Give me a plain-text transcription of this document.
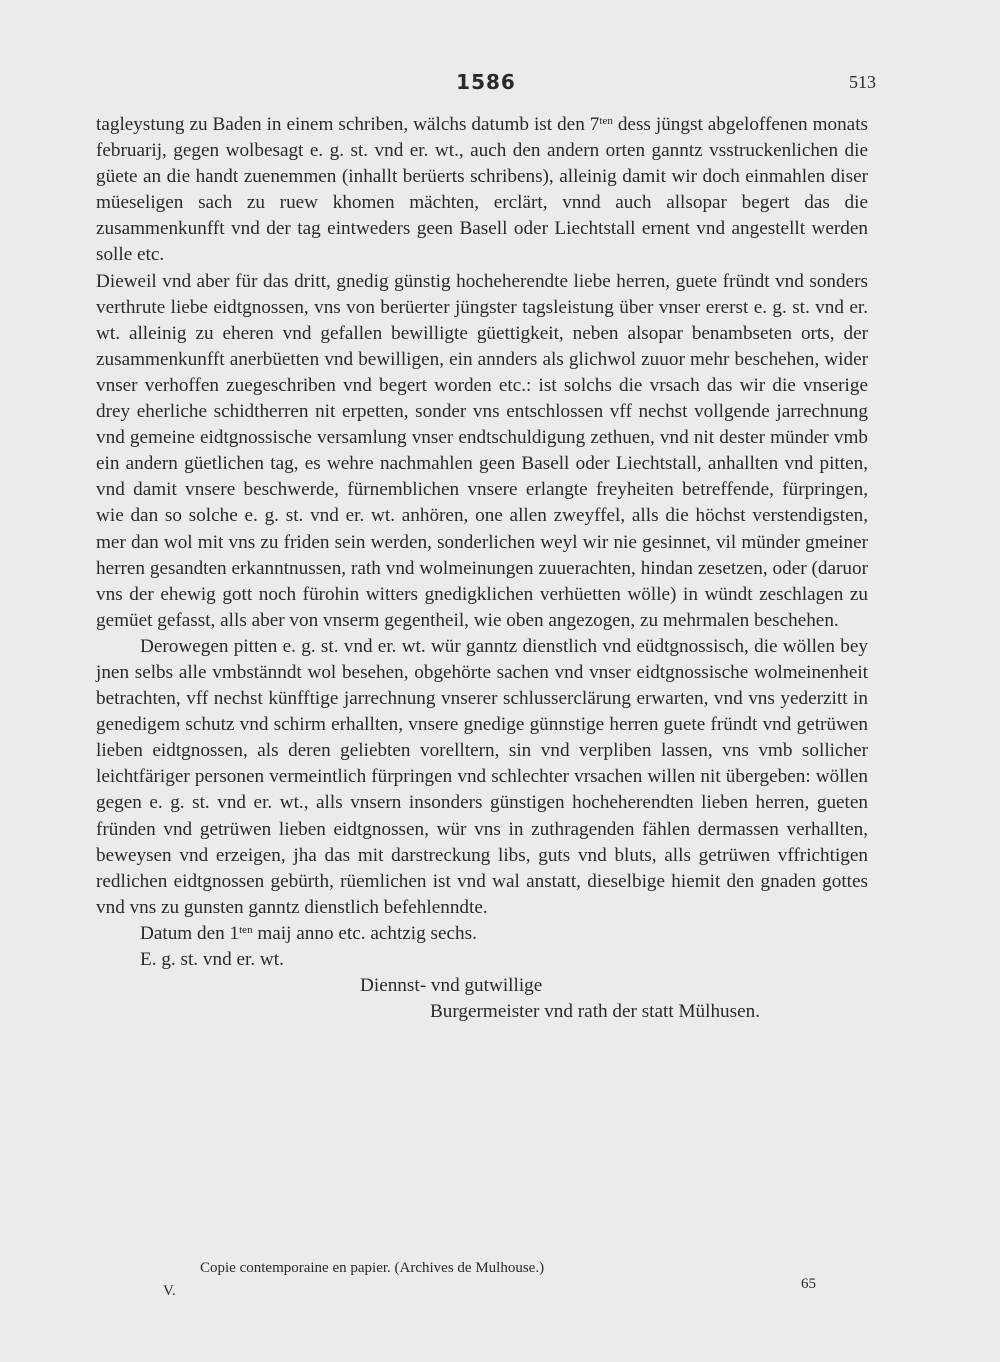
1586	513

tagleystung zu Baden in einem schriben, wälchs datumb ist den $7^{ten}$ dess jüngst abgeloffenen monats februarij, gegen wolbesagt e. g. st. vnd er. wt., auch den andern orten ganntz vsstruckenlichen die güete an die handt zuenemmen (inhallt berüerts schribens), alleinig damit wir doch einmahlen diser müeseligen sach zu ruew khomen mächten, erclärt, vnnd auch allsopar begert das die zusammenkunfft vnd der tag eintweders geen Basell oder Liechtstall ernent vnd angestellt werden solle etc.

Dieweil vnd aber für das dritt, gnedig günstig hocheherendte liebe herren, guete fründt vnd sonders verthrute liebe eidtgnossen, vns von berüerter jüngster tagsleistung über vnser ererst e. g. st. vnd er. wt. alleinig zu eheren vnd gefallen bewilligte güettigkeit, neben alsopar benambseten orts, der zusammenkunfft anerbüetten vnd bewilligen, ein annders als glichwol zuuor mehr beschehen, wider vnser verhoffen zuegeschriben vnd begert worden etc.: ist solchs die vrsach das wir die vnserige drey eherliche schidtherren nit erpetten, sonder vns entschlossen vff nechst vollgende jarrechnung vnd gemeine eidtgnossische versamlung vnser endtschuldigung zethuen, vnd nit dester münder vmb ein andern güetlichen tag, es wehre nachmahlen geen Basell oder Liechtstall, anhallten vnd pitten, vnd damit vnsere beschwerde, fürnemblichen vnsere erlangte freyheiten betreffende, fürpringen, wie dan so solche e. g. st. vnd er. wt. anhören, one allen zweyffel, alls die höchst verstendigsten, mer dan wol mit vns zu friden sein werden, sonderlichen weyl wir nie gesinnet, vil münder gmeiner herren gesandten erkanntnussen, rath vnd wolmeinungen zuuerachten, hindan zesetzen, oder (daruor vns der ehewig gott noch fürohin witters gnedigklichen verhüetten wölle) in wündt zeschlagen zu gemüet gefasst, alls aber von vnserm gegentheil, wie oben angezogen, zu mehrmalen beschehen.

Derowegen pitten e. g. st. vnd er. wt. wür ganntz dienstlich vnd eüdtgnossisch, die wöllen bey jnen selbs alle vmbstänndt wol besehen, obgehörte sachen vnd vnser eidtgnossische wolmeinenheit betrachten, vff nechst künfftige jarrechnung vnserer schlusserclärung erwarten, vnd vns yederzitt in genedigem schutz vnd schirm erhallten, vnsere gnedige günnstige herren guete fründt vnd getrüwen lieben eidtgnossen, als deren geliebten vorelltern, sin vnd verpliben lassen, vns vmb sollicher leichtfäriger personen vermeintlich fürpringen vnd schlechter vrsachen willen nit übergeben: wöllen gegen e. g. st. vnd er. wt., alls vnsern insonders günstigen hocheherendten lieben herren, gueten fründen vnd getrüwen lieben eidtgnossen, wür vns in zuthragenden fählen dermassen verhallten, beweysen vnd erzeigen, jha das mit darstreckung libs, guts vnd bluts, alls getrüwen vffrichtigen redlichen eidtgnossen gebürth, rüemlichen ist vnd wal anstatt, dieselbige hiemit den gnaden gottes vnd vns zu gunsten ganntz dienstlich befehlenndte.

Datum den $1^{ten}$ maij anno etc. achtzig sechs.

E. g. st. vnd er. wt.

Diennst- vnd gutwillige

Burgermeister vnd rath der statt Mülhusen.

Copie contemporaine en papier. (Archives de Mulhouse.)
V.	65
